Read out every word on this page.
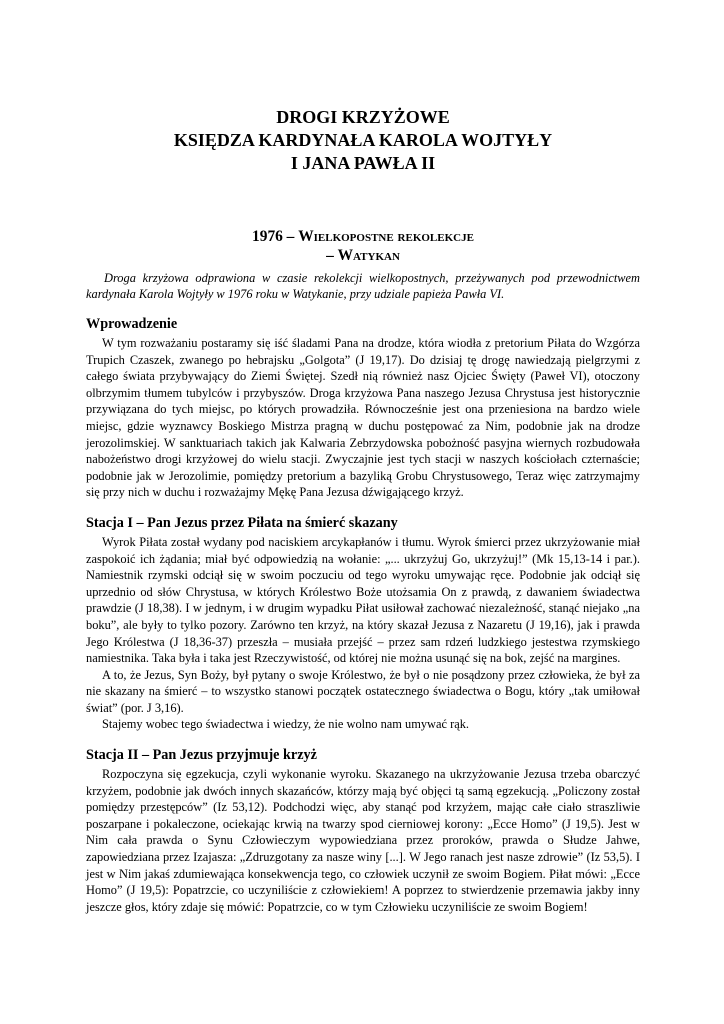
DROGI KRZYŻOWE
KSIĘDZA KARDYNAŁA KAROLA WOJTYŁY
I JANA PAWŁA II
1976 – Wielkopostne rekolekcje
– Watykan

Droga krzyżowa odprawiona w czasie rekolekcji wielkopostnych, przeżywanych pod przewodnictwem kardynała Karola Wojtyły w 1976 roku w Watykanie, przy udziale papieża Pawła VI.

Wprowadzenie

W tym rozważaniu postaramy się iść śladami Pana na drodze, która wiodła z pretorium Piłata do Wzgórza Trupich Czaszek, zwanego po hebrajsku „Golgota” (J 19,17). Do dzisiaj tę drogę nawiedzają pielgrzymi z całego świata przybywający do Ziemi Świętej. Szedł nią również nasz Ojciec Święty (Paweł VI), otoczony olbrzymim tłumem tubylców i przybyszów. Droga krzyżowa Pana naszego Jezusa Chrystusa jest historycznie przywiązana do tych miejsc, po których prowadziła. Równocześnie jest ona przeniesiona na bardzo wiele miejsc, gdzie wyznawcy Boskiego Mistrza pragną w duchu postępować za Nim, podobnie jak na drodze jerozolimskiej. W sanktuariach takich jak Kalwaria Zebrzydowska pobożność pasyjna wiernych rozbudowała nabożeństwo drogi krzyżowej do wielu stacji. Zwyczajnie jest tych stacji w naszych kościołach czternaście; podobnie jak w Jerozolimie, pomiędzy pretorium a bazyliką Grobu Chrystusowego, Teraz więc zatrzymajmy się przy nich w duchu i rozważajmy Mękę Pana Jezusa dźwigającego krzyż.

Stacja I – Pan Jezus przez Piłata na śmierć skazany

Wyrok Piłata został wydany pod naciskiem arcykapłanów i tłumu. Wyrok śmierci przez ukrzyżowanie miał zaspokoić ich żądania; miał być odpowiedzią na wołanie: „... ukrzyżuj Go, ukrzyżuj!” (Mk 15,13-14 i par.). Namiestnik rzymski odciął się w swoim poczuciu od tego wyroku umywając ręce. Podobnie jak odciął się uprzednio od słów Chrystusa, w których Królestwo Boże utożsamia On z prawdą, z dawaniem świadectwa prawdzie (J 18,38). I w jednym, i w drugim wypadku Piłat usiłował zachować niezależność, stanąć niejako „na boku”, ale były to tylko pozory. Zarówno ten krzyż, na który skazał Jezusa z Nazaretu (J 19,16), jak i prawda Jego Królestwa (J 18,36-37) przeszła – musiała przejść – przez sam rdzeń ludzkiego jestestwa rzymskiego namiestnika. Taka była i taka jest Rzeczywistość, od której nie można usunąć się na bok, zejść na margines.

A to, że Jezus, Syn Boży, był pytany o swoje Królestwo, że był o nie posądzony przez człowieka, że był za nie skazany na śmierć – to wszystko stanowi początek ostatecznego świadectwa o Bogu, który „tak umiłował świat” (por. J 3,16).

Stajemy wobec tego świadectwa i wiedzy, że nie wolno nam umywać rąk.

Stacja II – Pan Jezus przyjmuje krzyż

Rozpoczyna się egzekucja, czyli wykonanie wyroku. Skazanego na ukrzyżowanie Jezusa trzeba obarczyć krzyżem, podobnie jak dwóch innych skazańców, którzy mają być objęci tą samą egzekucją. „Policzony został pomiędzy przestępców” (Iz 53,12). Podchodzi więc, aby stanąć pod krzyżem, mając całe ciało straszliwie poszarpane i pokaleczone, ociekając krwią na twarzy spod cierniowej korony: „Ecce Homo” (J 19,5). Jest w Nim cała prawda o Synu Człowieczym wypowiedziana przez proroków, prawda o Słudze Jahwe, zapowiedziana przez Izajasza: „Zdruzgotany za nasze winy [...]. W Jego ranach jest nasze zdrowie” (Iz 53,5). I jest w Nim jakaś zdumiewająca konsekwencja tego, co człowiek uczynił ze swoim Bogiem. Piłat mówi: „Ecce Homo” (J 19,5): Popatrzcie, co uczyniliście z człowiekiem! A poprzez to stwierdzenie przemawia jakby inny jeszcze głos, który zdaje się mówić: Popatrzcie, co w tym Człowieku uczyniliście ze swoim Bogiem!
